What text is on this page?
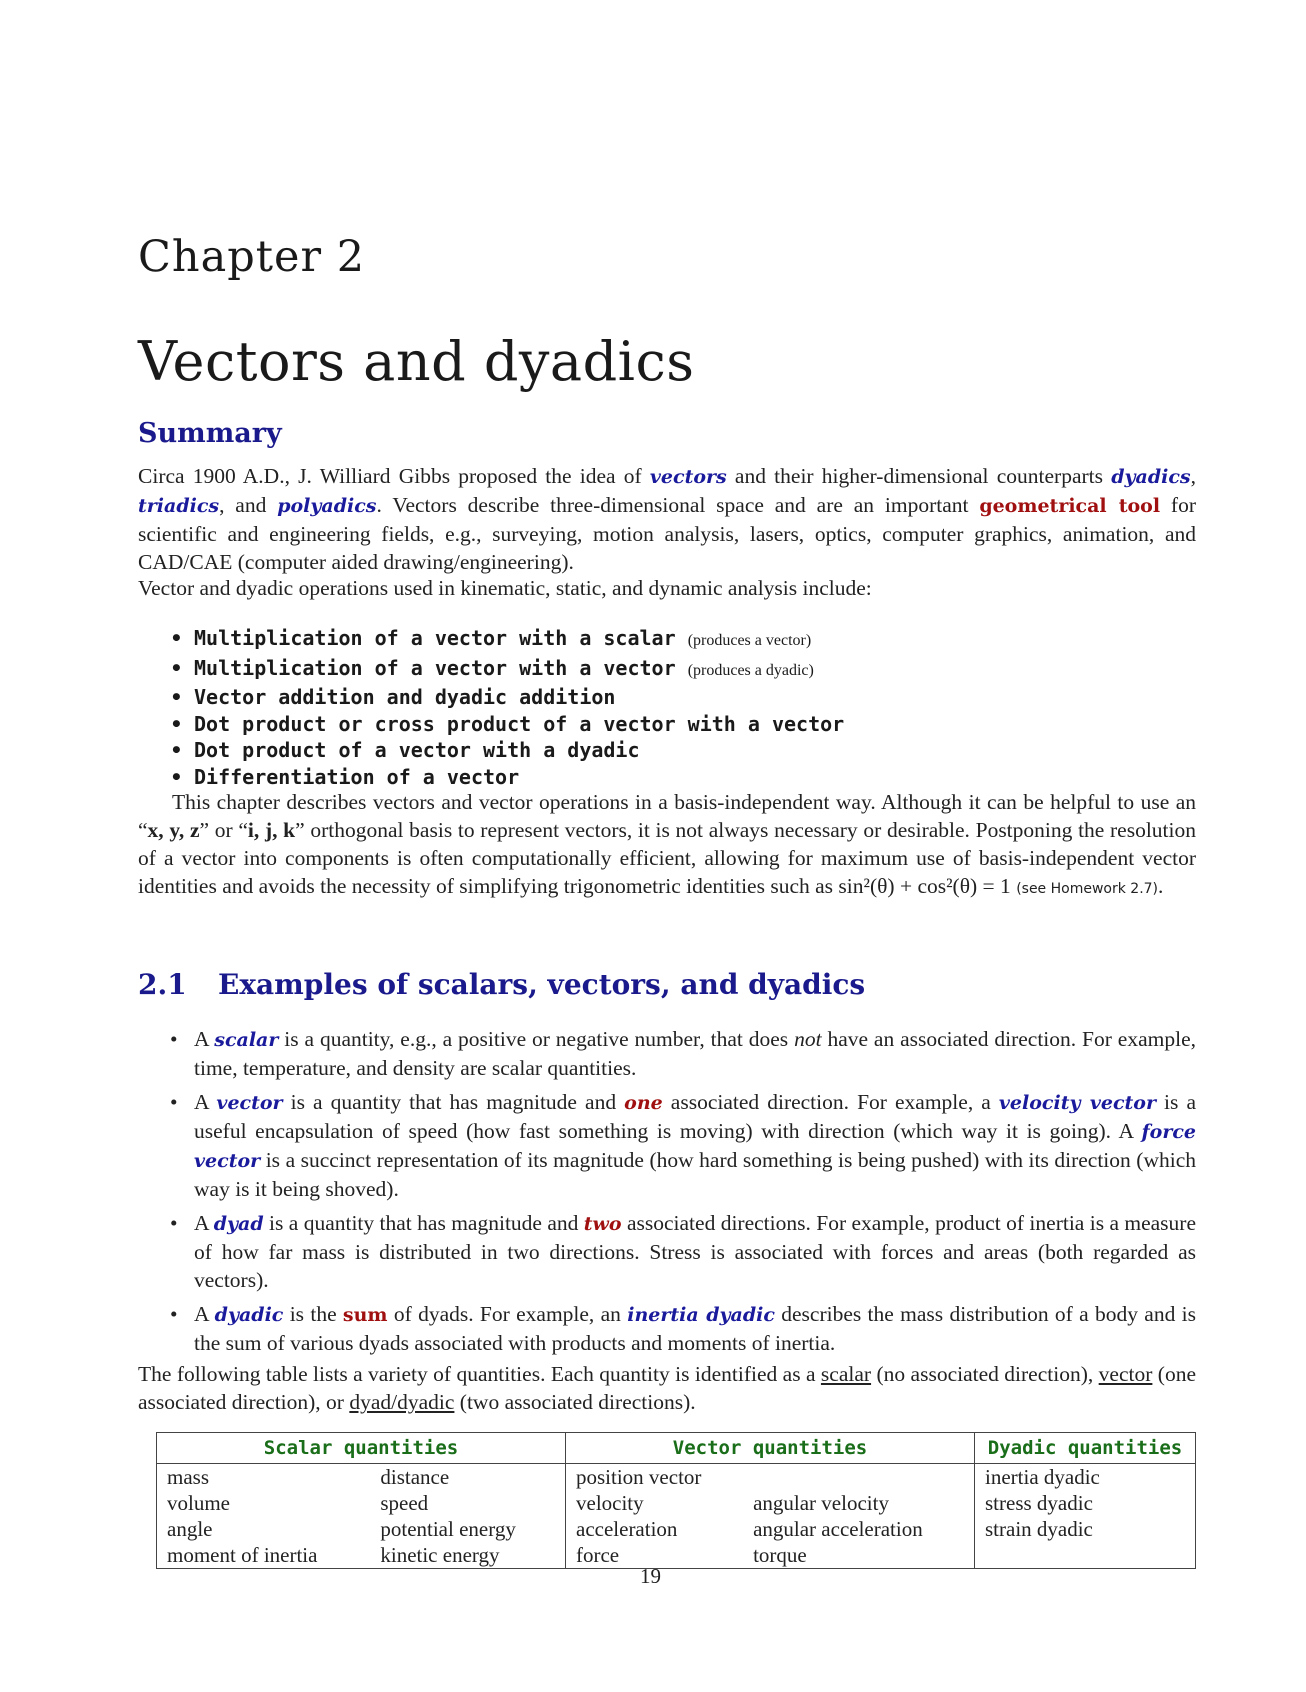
Chapter 2
Vectors and dyadics
Summary
Circa 1900 A.D., J. Williard Gibbs proposed the idea of vectors and their higher-dimensional counterparts dyadics, triadics, and polyadics. Vectors describe three-dimensional space and are an important geometrical tool for scientific and engineering fields, e.g., surveying, motion analysis, lasers, optics, computer graphics, animation, and CAD/CAE (computer aided drawing/engineering).
Vector and dyadic operations used in kinematic, static, and dynamic analysis include:
• Multiplication of a vector with a scalar (produces a vector)
• Multiplication of a vector with a vector (produces a dyadic)
• Vector addition and dyadic addition
• Dot product or cross product of a vector with a vector
• Dot product of a vector with a dyadic
• Differentiation of a vector
This chapter describes vectors and vector operations in a basis-independent way. Although it can be helpful to use an “x, y, z” or “i, j, k” orthogonal basis to represent vectors, it is not always necessary or desirable. Postponing the resolution of a vector into components is often computationally efficient, allowing for maximum use of basis-independent vector identities and avoids the necessity of simplifying trigonometric identities such as sin²(θ) + cos²(θ) = 1 (see Homework 2.7).
2.1 Examples of scalars, vectors, and dyadics
• A scalar is a quantity, e.g., a positive or negative number, that does not have an associated direction. For example, time, temperature, and density are scalar quantities.
• A vector is a quantity that has magnitude and one associated direction. For example, a velocity vector is a useful encapsulation of speed (how fast something is moving) with direction (which way it is going). A force vector is a succinct representation of its magnitude (how hard something is being pushed) with its direction (which way is it being shoved).
• A dyad is a quantity that has magnitude and two associated directions. For example, product of inertia is a measure of how far mass is distributed in two directions. Stress is associated with forces and areas (both regarded as vectors).
• A dyadic is the sum of dyads. For example, an inertia dyadic describes the mass distribution of a body and is the sum of various dyads associated with products and moments of inertia.
The following table lists a variety of quantities. Each quantity is identified as a scalar (no associated direction), vector (one associated direction), or dyad/dyadic (two associated directions).
Scalar quantities		Vector quantities		Dyadic quantities
mass	distance	position vector		inertia dyadic
volume	speed	velocity	angular velocity	stress dyadic
angle	potential energy	acceleration	angular acceleration	strain dyadic
moment of inertia	kinetic energy	force	torque	
19
